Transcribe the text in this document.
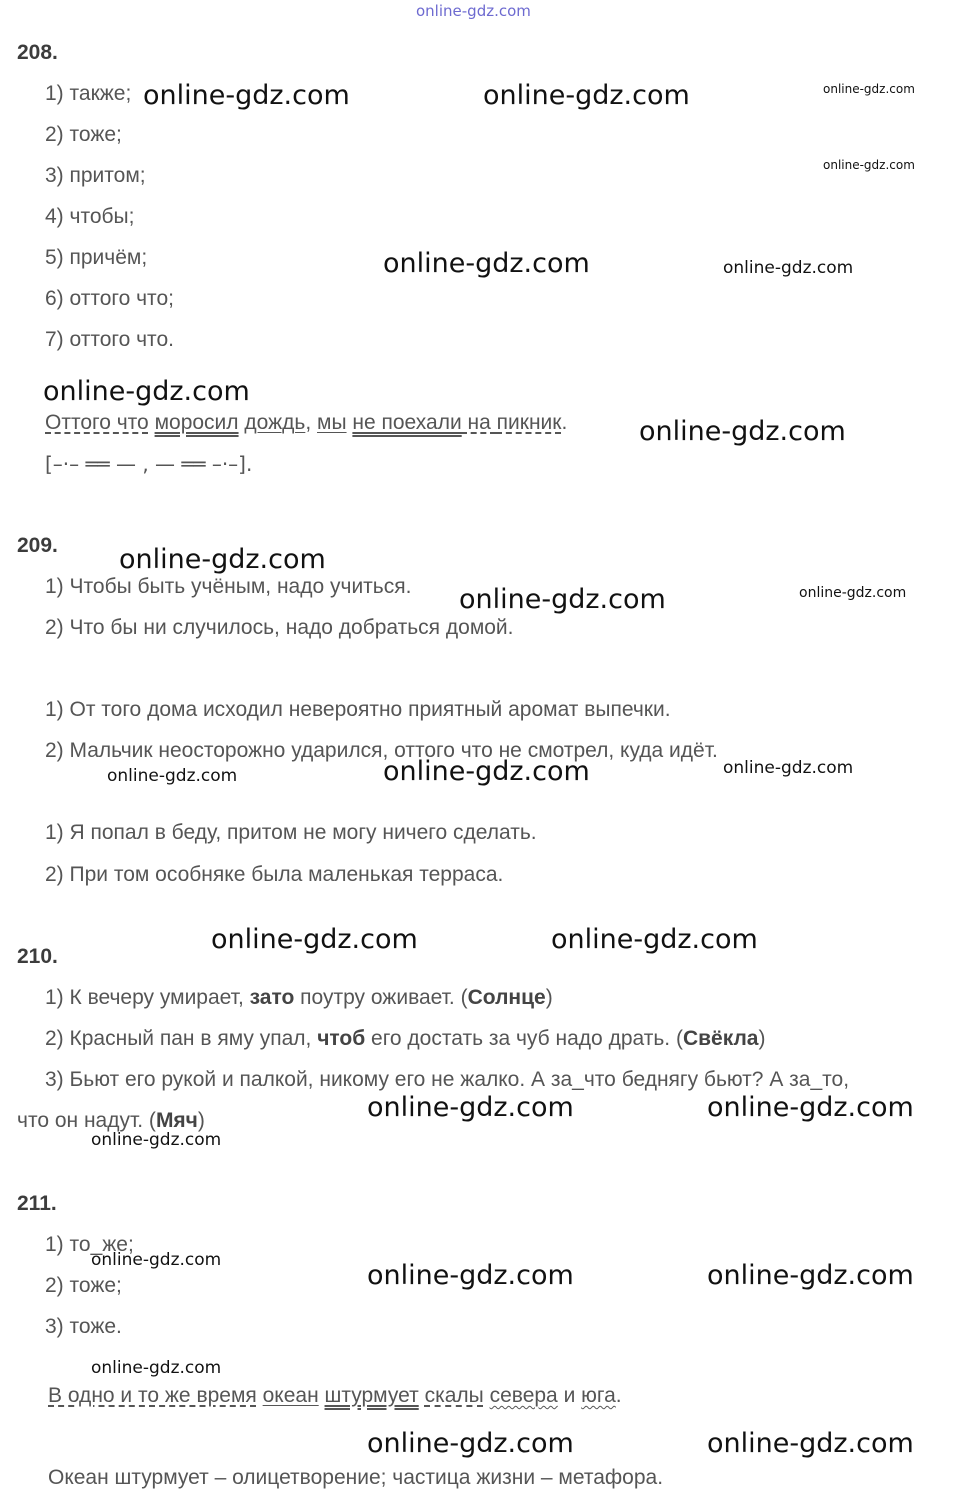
online-gdz.com
208.
1) также;
2) тоже;
3) притом;
4) чтобы;
5) причём;
6) оттого что;
7) оттого что.
Оттого что моросил дождь, мы не поехали на пикник.
[–·– ══ — , — ══ –·–].
209.
1) Чтобы быть учёным, надо учиться.
2) Что бы ни случилось, надо добраться домой.
1) От того дома исходил невероятно приятный аромат выпечки.
2) Мальчик неосторожно ударился, оттого что не смотрел, куда идёт.
1) Я попал в беду, притом не могу ничего сделать.
2) При том особняке была маленькая терраса.
210.
1) К вечеру умирает, зато поутру оживает. (Солнце)
2) Красный пан в яму упал, чтоб его достать за чуб надо драть. (Свёкла)
3) Бьют его рукой и палкой, никому его не жалко. А за_что беднягу бьют? А за_то,
что он надут. (Мяч)
211.
1) то_же;
2) тоже;
3) тоже.
В одно и то же время океан штурмует скалы севера и юга.
Океан штурмует – олицетворение; частица жизни – метафора.
online-gdz.com	online-gdz.com	online-gdz.com
online-gdz.com
online-gdz.com	online-gdz.com
online-gdz.com
online-gdz.com
online-gdz.com
online-gdz.com	online-gdz.com
online-gdz.com	online-gdz.com	online-gdz.com
online-gdz.com	online-gdz.com
online-gdz.com	online-gdz.com
online-gdz.com
online-gdz.com	online-gdz.com	online-gdz.com
online-gdz.com
online-gdz.com	online-gdz.com
